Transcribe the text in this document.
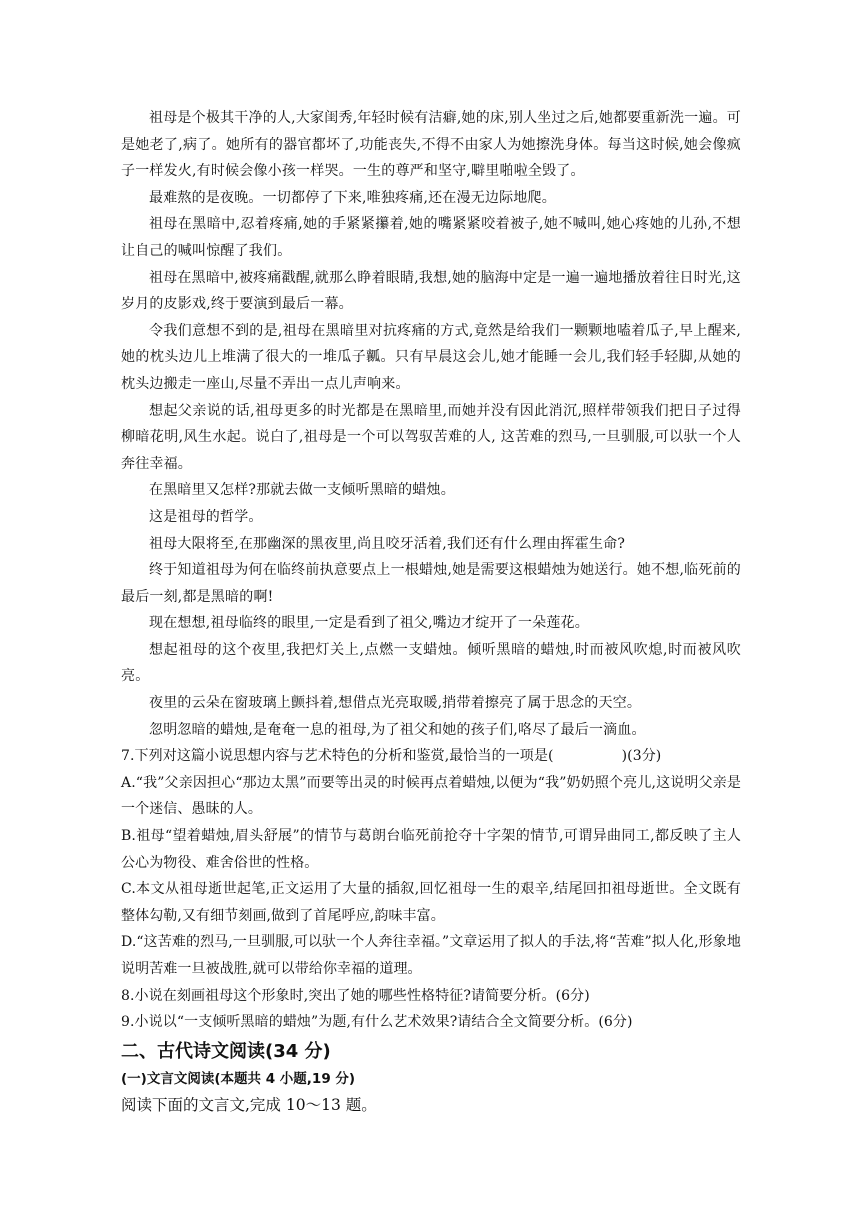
祖母是个极其干净的人,大家闺秀,年轻时候有洁癖,她的床,别人坐过之后,她都要重新洗一遍。可是她老了,病了。她所有的器官都坏了,功能丧失,不得不由家人为她擦洗身体。每当这时候,她会像疯子一样发火,有时候会像小孩一样哭。一生的尊严和坚守,噼里啪啦全毁了。

最难熬的是夜晚。一切都停了下来,唯独疼痛,还在漫无边际地爬。

祖母在黑暗中,忍着疼痛,她的手紧紧攥着,她的嘴紧紧咬着被子,她不喊叫,她心疼她的儿孙,不想让自己的喊叫惊醒了我们。

祖母在黑暗中,被疼痛戳醒,就那么睁着眼睛,我想,她的脑海中定是一遍一遍地播放着往日时光,这岁月的皮影戏,终于要演到最后一幕。

令我们意想不到的是,祖母在黑暗里对抗疼痛的方式,竟然是给我们一颗颗地嗑着瓜子,早上醒来,她的枕头边儿上堆满了很大的一堆瓜子瓤。只有早晨这会儿,她才能睡一会儿,我们轻手轻脚,从她的枕头边搬走一座山,尽量不弄出一点儿声响来。

想起父亲说的话,祖母更多的时光都是在黑暗里,而她并没有因此消沉,照样带领我们把日子过得柳暗花明,风生水起。说白了,祖母是一个可以驾驭苦难的人, 这苦难的烈马,一旦驯服,可以驮一个人奔往幸福。

在黑暗里又怎样?那就去做一支倾听黑暗的蜡烛。

这是祖母的哲学。

祖母大限将至,在那幽深的黑夜里,尚且咬牙活着,我们还有什么理由挥霍生命?

终于知道祖母为何在临终前执意要点上一根蜡烛,她是需要这根蜡烛为她送行。她不想,临死前的最后一刻,都是黑暗的啊!

现在想想,祖母临终的眼里,一定是看到了祖父,嘴边才绽开了一朵莲花。

想起祖母的这个夜里,我把灯关上,点燃一支蜡烛。倾听黑暗的蜡烛,时而被风吹熄,时而被风吹亮。

夜里的云朵在窗玻璃上颤抖着,想借点光亮取暖,捎带着擦亮了属于思念的天空。

忽明忽暗的蜡烛,是奄奄一息的祖母,为了祖父和她的孩子们,咯尽了最后一滴血。

7.下列对这篇小说思想内容与艺术特色的分析和鉴赏,最恰当的一项是(	)(3分)

A.“我”父亲因担心“那边太黑”而要等出灵的时候再点着蜡烛,以便为“我”奶奶照个亮儿,这说明父亲是一个迷信、愚昧的人。

B.祖母“望着蜡烛,眉头舒展”的情节与葛朗台临死前抢夺十字架的情节,可谓异曲同工,都反映了主人公心为物役、难舍俗世的性格。

C.本文从祖母逝世起笔,正文运用了大量的插叙,回忆祖母一生的艰辛,结尾回扣祖母逝世。全文既有整体勾勒,又有细节刻画,做到了首尾呼应,韵味丰富。

D.“这苦难的烈马,一旦驯服,可以驮一个人奔往幸福。”文章运用了拟人的手法,将“苦难”拟人化,形象地说明苦难一旦被战胜,就可以带给你幸福的道理。

8.小说在刻画祖母这个形象时,突出了她的哪些性格特征?请简要分析。(6分)

9.小说以“一支倾听黑暗的蜡烛”为题,有什么艺术效果?请结合全文简要分析。(6分)

二、古代诗文阅读(34 分)

(一)文言文阅读(本题共 4 小题,19 分)

阅读下面的文言文,完成 10～13 题。
